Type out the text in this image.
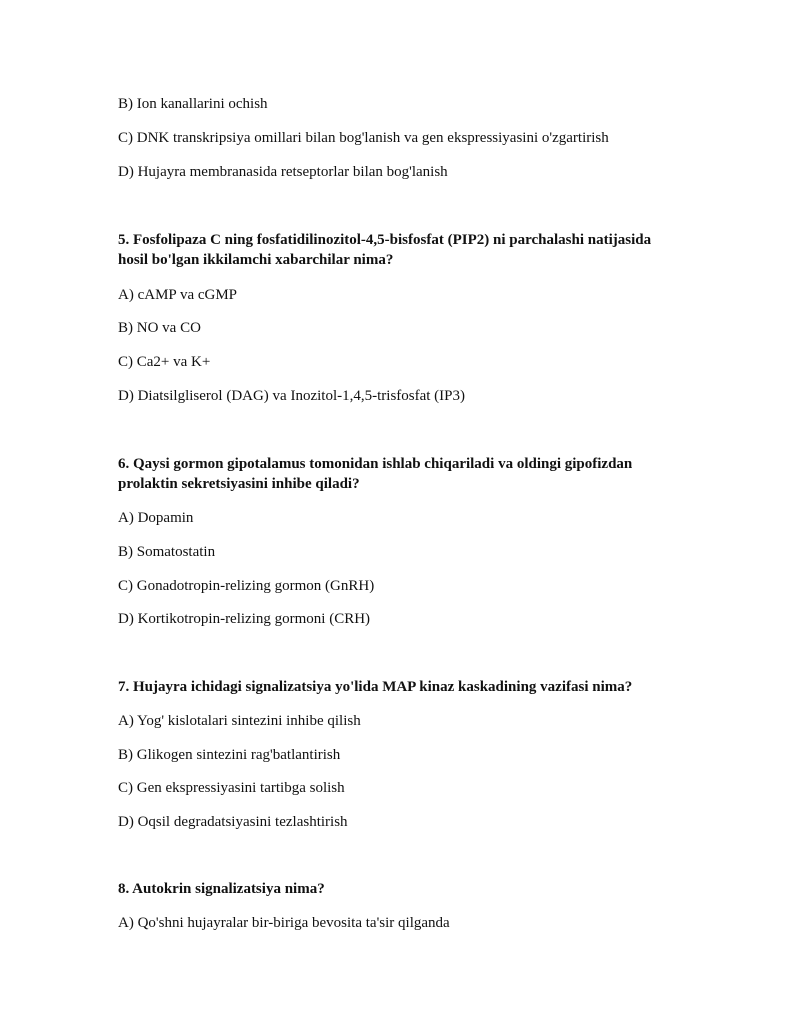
B) Ion kanallarini ochish
C) DNK transkripsiya omillari bilan bog'lanish va gen ekspressiyasini o'zgartirish
D) Hujayra membranasida retseptorlar bilan bog'lanish
5. Fosfolipaza C ning fosfatidilinozitol-4,5-bisfosfat (PIP2) ni parchalashi natijasida
hosil bo'lgan ikkilamchi xabarchilar nima?
A) cAMP va cGMP
B) NO va CO
C) Ca2+ va K+
D) Diatsilgliserol (DAG) va Inozitol-1,4,5-trisfosfat (IP3)
6. Qaysi gormon gipotalamus tomonidan ishlab chiqariladi va oldingi gipofizdan
prolaktin sekretsiyasini inhibe qiladi?
A) Dopamin
B) Somatostatin
C) Gonadotropin-relizing gormon (GnRH)
D) Kortikotropin-relizing gormoni (CRH)
7. Hujayra ichidagi signalizatsiya yo'lida MAP kinaz kaskadining vazifasi nima?
A) Yog' kislotalari sintezini inhibe qilish
B) Glikogen sintezini rag'batlantirish
C) Gen ekspressiyasini tartibga solish
D) Oqsil degradatsiyasini tezlashtirish
8. Autokrin signalizatsiya nima?
A) Qo'shni hujayralar bir-biriga bevosita ta'sir qilganda
